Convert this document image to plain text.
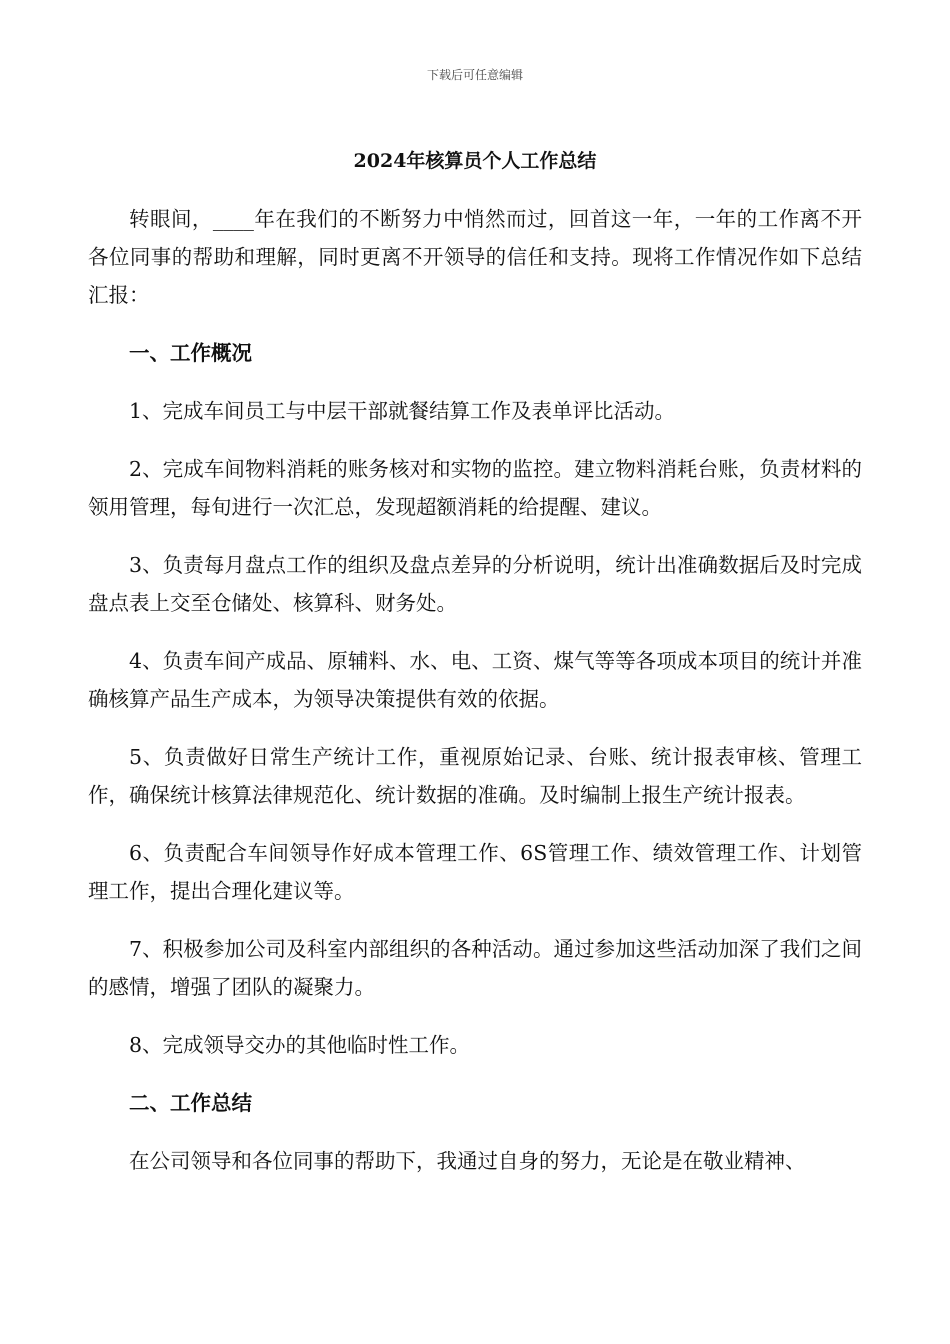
下载后可任意编辑
2024年核算员个人工作总结

转眼间，____年在我们的不断努力中悄然而过，回首这一年，一年的工作离不开各位同事的帮助和理解，同时更离不开领导的信任和支持。现将工作情况作如下总结汇报：

一、工作概况

1、完成车间员工与中层干部就餐结算工作及表单评比活动。

2、完成车间物料消耗的账务核对和实物的监控。建立物料消耗台账，负责材料的领用管理，每旬进行一次汇总，发现超额消耗的给提醒、建议。

3、负责每月盘点工作的组织及盘点差异的分析说明，统计出准确数据后及时完成盘点表上交至仓储处、核算科、财务处。

4、负责车间产成品、原辅料、水、电、工资、煤气等等各项成本项目的统计并准确核算产品生产成本，为领导决策提供有效的依据。

5、负责做好日常生产统计工作，重视原始记录、台账、统计报表审核、管理工作，确保统计核算法律规范化、统计数据的准确。及时编制上报生产统计报表。

6、负责配合车间领导作好成本管理工作、6S管理工作、绩效管理工作、计划管理工作，提出合理化建议等。

7、积极参加公司及科室内部组织的各种活动。通过参加这些活动加深了我们之间的感情，增强了团队的凝聚力。

8、完成领导交办的其他临时性工作。

二、工作总结

在公司领导和各位同事的帮助下，我通过自身的努力，无论是在敬业精神、
